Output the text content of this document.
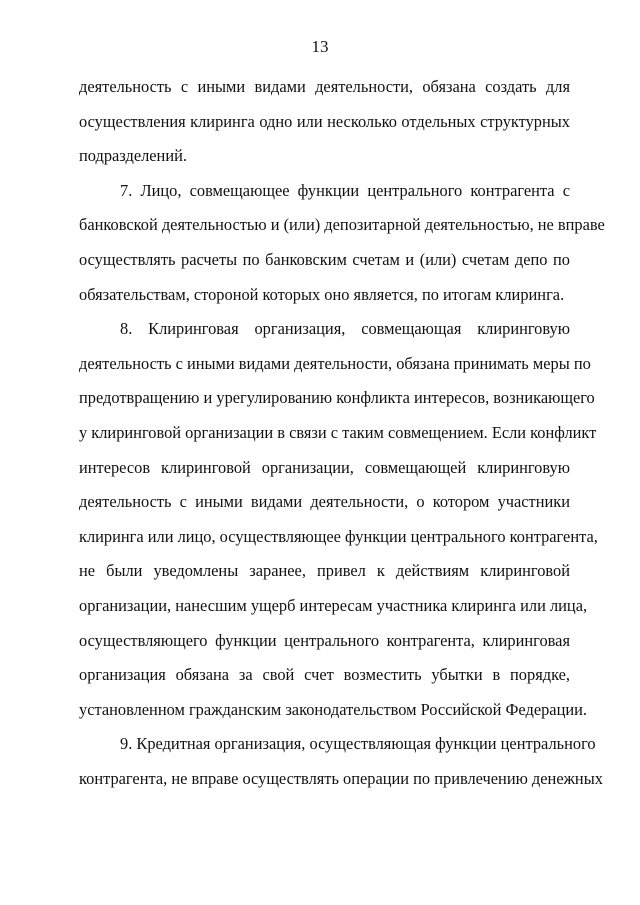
13
деятельность с иными видами деятельности, обязана создать для
осуществления клиринга одно или несколько отдельных структурных
подразделений.
7. Лицо, совмещающее функции центрального контрагента с
банковской деятельностью и (или) депозитарной деятельностью, не вправе
осуществлять расчеты по банковским счетам и (или) счетам депо по
обязательствам, стороной которых оно является, по итогам клиринга.
8. Клиринговая организация, совмещающая клиринговую
деятельность с иными видами деятельности, обязана принимать меры по
предотвращению и урегулированию конфликта интересов, возникающего
у клиринговой организации в связи с таким совмещением. Если конфликт
интересов клиринговой организации, совмещающей клиринговую
деятельность с иными видами деятельности, о котором участники
клиринга или лицо, осуществляющее функции центрального контрагента,
не были уведомлены заранее, привел к действиям клиринговой
организации, нанесшим ущерб интересам участника клиринга или лица,
осуществляющего функции центрального контрагента, клиринговая
организация обязана за свой счет возместить убытки в порядке,
установленном гражданским законодательством Российской Федерации.
9. Кредитная организация, осуществляющая функции центрального
контрагента, не вправе осуществлять операции по привлечению денежных
